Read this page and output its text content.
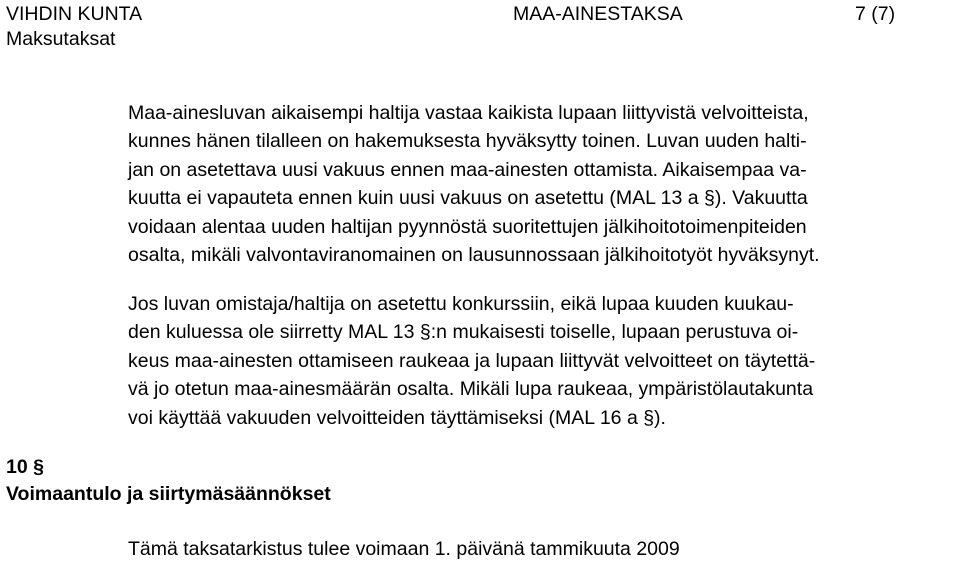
VIHDIN KUNTA	MAA-AINESTAKSA	7 (7)
Maksutaksat
Maa-ainesluvan aikaisempi haltija vastaa kaikista lupaan liittyvistä velvoitteista,
kunnes hänen tilalleen on hakemuksesta hyväksytty toinen. Luvan uuden halti-
jan on asetettava uusi vakuus ennen maa-ainesten ottamista. Aikaisempaa va-
kuutta ei vapauteta ennen kuin uusi vakuus on asetettu (MAL 13 a §). Vakuutta
voidaan alentaa uuden haltijan pyynnöstä suoritettujen jälkihoitotoimenpiteiden
osalta, mikäli valvontaviranomainen on lausunnossaan jälkihoitotyöt hyväksynyt.
Jos luvan omistaja/haltija on asetettu konkurssiin, eikä lupaa kuuden kuukau-
den kuluessa ole siirretty MAL 13 §:n mukaisesti toiselle, lupaan perustuva oi-
keus maa-ainesten ottamiseen raukeaa ja lupaan liittyvät velvoitteet on täytettä-
vä jo otetun maa-ainesmäärän osalta. Mikäli lupa raukeaa, ympäristölautakunta
voi käyttää vakuuden velvoitteiden täyttämiseksi (MAL 16 a §).
10 §
Voimaantulo ja siirtymäsäännökset
Tämä taksatarkistus tulee voimaan 1. päivänä tammikuuta 2009
